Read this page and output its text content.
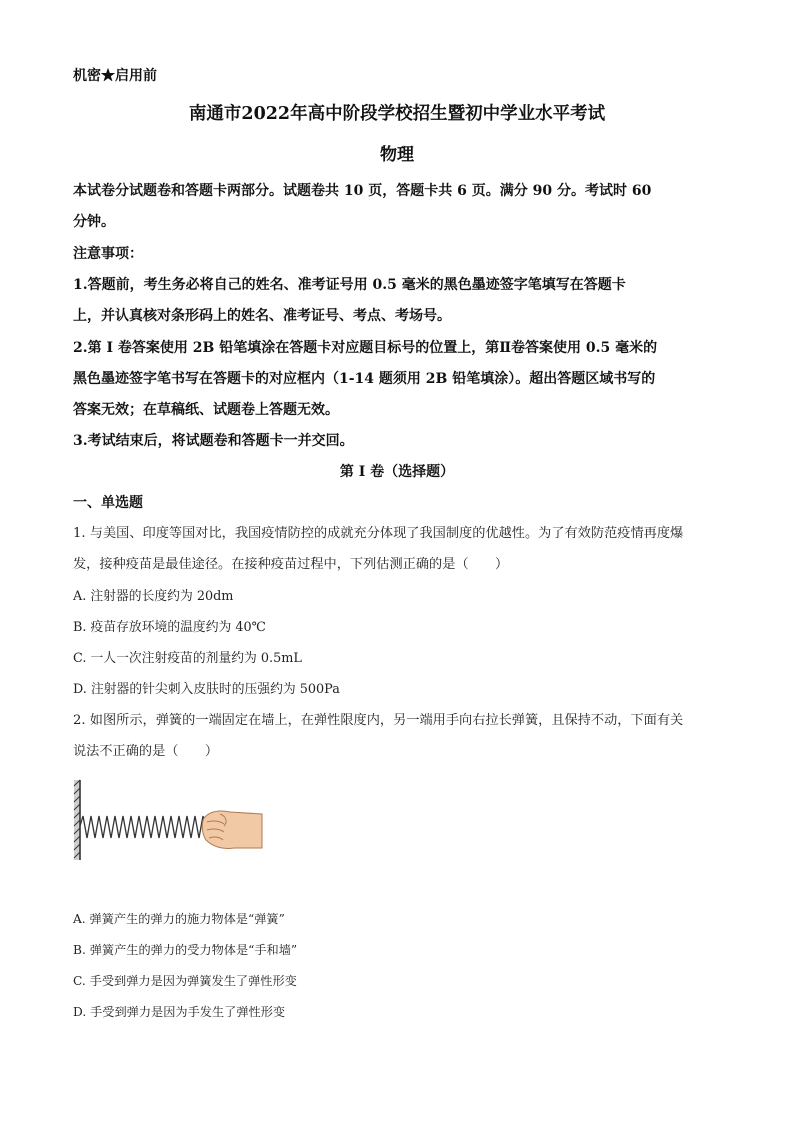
机密★启用前
南通市2022年高中阶段学校招生暨初中学业水平考试
物理
本试卷分试题卷和答题卡两部分。试题卷共 10 页，答题卡共 6 页。满分 90 分。考试时 60
分钟。
注意事项：
1.答题前，考生务必将自己的姓名、准考证号用 0.5 毫米的黑色墨迹签字笔填写在答题卡
上，并认真核对条形码上的姓名、准考证号、考点、考场号。
2.第 I 卷答案使用 2B 铅笔填涂在答题卡对应题目标号的位置上，第Ⅱ卷答案使用 0.5 毫米的
黑色墨迹签字笔书写在答题卡的对应框内（1-14 题须用 2B 铅笔填涂）。超出答题区域书写的
答案无效；在草稿纸、试题卷上答题无效。
3.考试结束后，将试题卷和答题卡一并交回。
第 I 卷（选择题）
一、单选题
1. 与美国、印度等国对比，我国疫情防控的成就充分体现了我国制度的优越性。为了有效防范疫情再度爆
发，接种疫苗是最佳途径。在接种疫苗过程中，下列估测正确的是（　　）
A. 注射器的长度约为 20dm
B. 疫苗存放环境的温度约为 40℃
C. 一人一次注射疫苗的剂量约为 0.5mL
D. 注射器的针尖刺入皮肤时的压强约为 500Pa
2. 如图所示，弹簧的一端固定在墙上，在弹性限度内，另一端用手向右拉长弹簧，且保持不动，下面有关
说法不正确的是（　　）
A. 弹簧产生的弹力的施力物体是“弹簧”
B. 弹簧产生的弹力的受力物体是“手和墙”
C. 手受到弹力是因为弹簧发生了弹性形变
D. 手受到弹力是因为手发生了弹性形变
